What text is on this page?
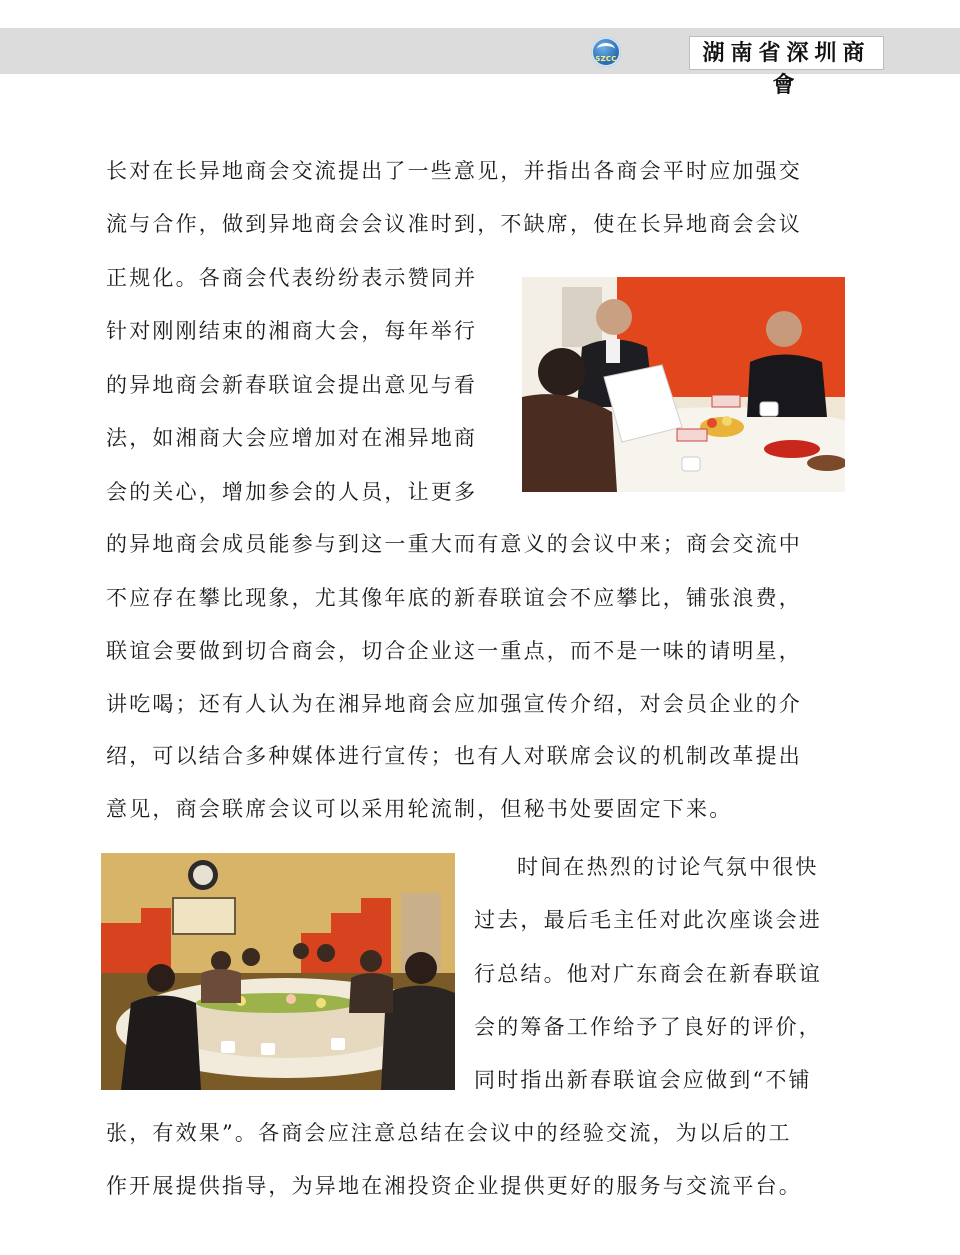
SZCC	湖南省深圳商會
长对在长异地商会交流提出了一些意见，并指出各商会平时应加强交
流与合作，做到异地商会会议准时到，不缺席，使在长异地商会会议
正规化。各商会代表纷纷表示赞同并
针对刚刚结束的湘商大会，每年举行
的异地商会新春联谊会提出意见与看
法，如湘商大会应增加对在湘异地商
会的关心，增加参会的人员，让更多
的异地商会成员能参与到这一重大而有意义的会议中来；商会交流中
不应存在攀比现象，尤其像年底的新春联谊会不应攀比，铺张浪费，
联谊会要做到切合商会，切合企业这一重点，而不是一味的请明星，
讲吃喝；还有人认为在湘异地商会应加强宣传介绍，对会员企业的介
绍，可以结合多种媒体进行宣传；也有人对联席会议的机制改革提出
意见，商会联席会议可以采用轮流制，但秘书处要固定下来。
时间在热烈的讨论气氛中很快
过去，最后毛主任对此次座谈会进
行总结。他对广东商会在新春联谊
会的筹备工作给予了良好的评价，
同时指出新春联谊会应做到“不铺
张，有效果”。各商会应注意总结在会议中的经验交流，为以后的工
作开展提供指导，为异地在湘投资企业提供更好的服务与交流平台。
